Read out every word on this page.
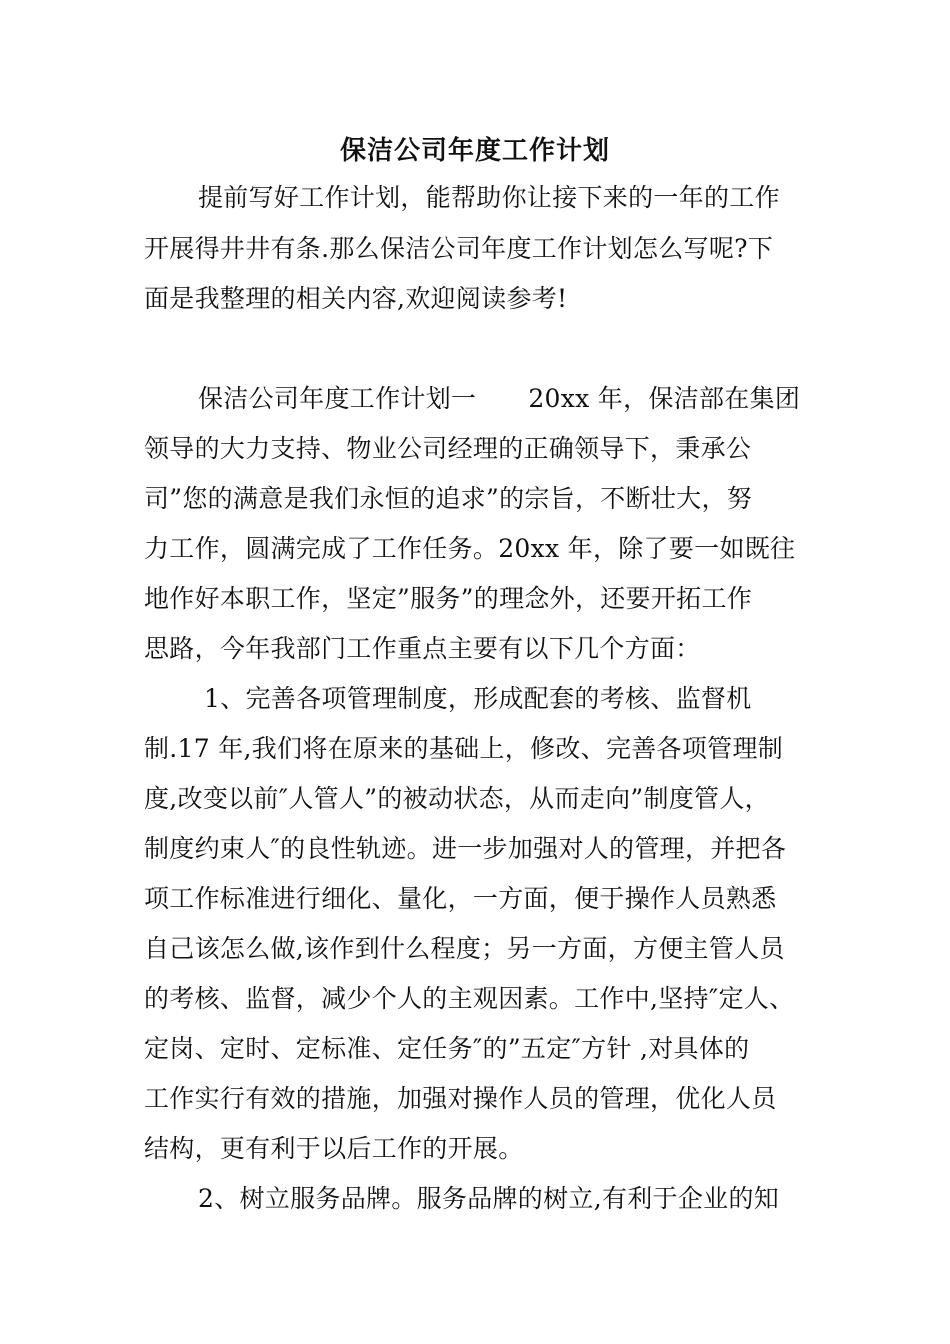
保洁公司年度工作计划
提前写好工作计划，能帮助你让接下来的一年的工作
开展得井井有条.那么保洁公司年度工作计划怎么写呢?下
面是我整理的相关内容,欢迎阅读参考!
保洁公司年度工作计划一 20xx 年，保洁部在集团
领导的大力支持、物业公司经理的正确领导下，秉承公
司”您的满意是我们永恒的追求”的宗旨，不断壮大，努
力工作，圆满完成了工作任务。20xx 年，除了要一如既往
地作好本职工作，坚定”服务”的理念外，还要开拓工作
思路，今年我部门工作重点主要有以下几个方面：
1、完善各项管理制度，形成配套的考核、监督机
制.17 年,我们将在原来的基础上，修改、完善各项管理制
度,改变以前″人管人”的被动状态，从而走向”制度管人，
制度约束人″的良性轨迹。进一步加强对人的管理，并把各
项工作标准进行细化、量化，一方面，便于操作人员熟悉
自己该怎么做,该作到什么程度；另一方面，方便主管人员
的考核、监督，减少个人的主观因素。工作中,坚持″定人、
定岗、定时、定标准、定任务″的”五定″方针 ,对具体的
工作实行有效的措施，加强对操作人员的管理，优化人员
结构，更有利于以后工作的开展。
2、树立服务品牌。服务品牌的树立,有利于企业的知
